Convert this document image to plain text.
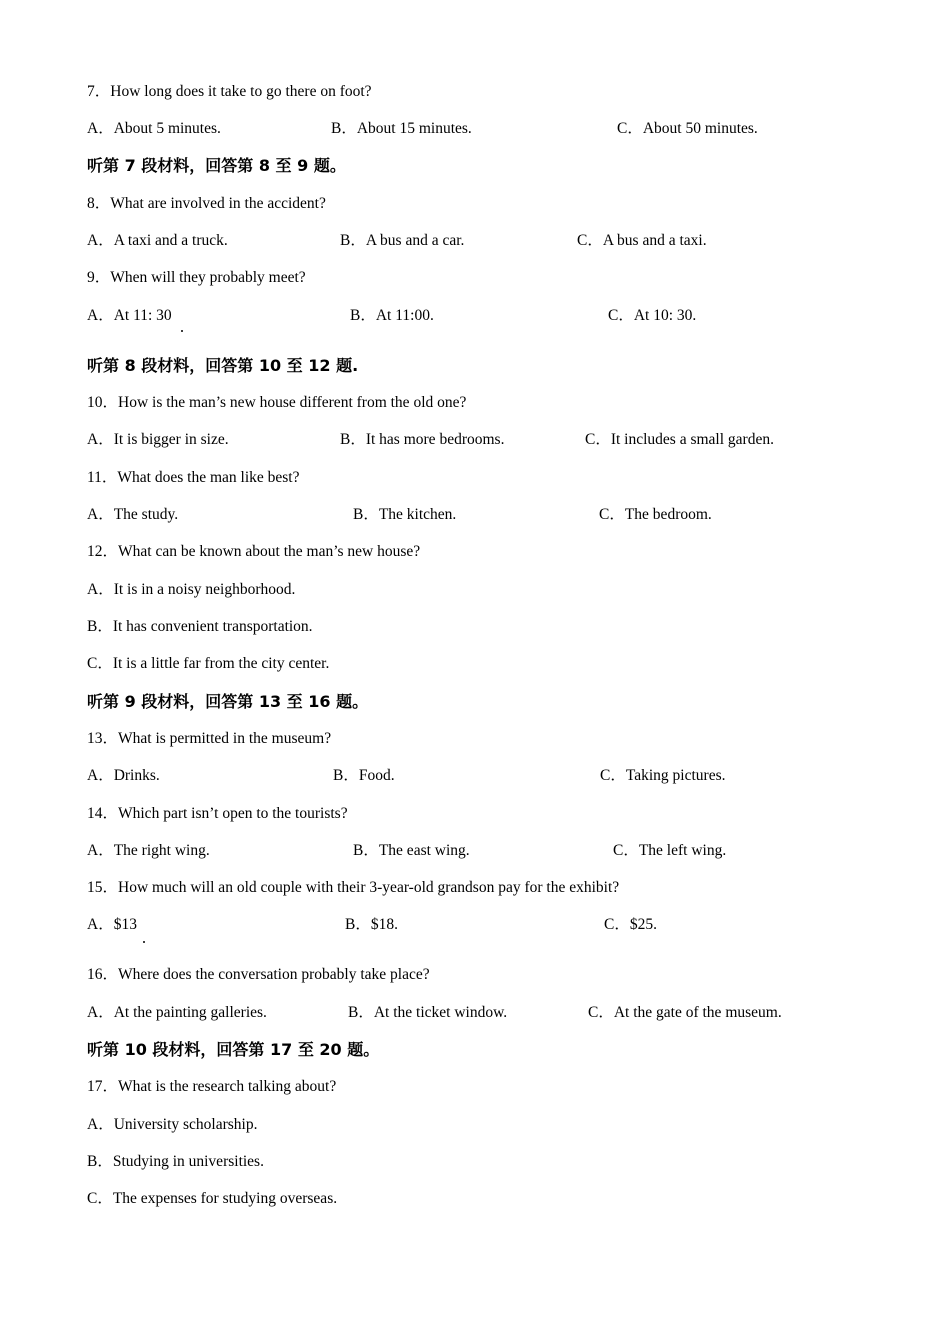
7．How long does it take to go there on foot?
A．About 5 minutes.	B．About 15 minutes.	C．About 50 minutes.
听第 7 段材料，回答第 8 至 9 题。
8．What are involved in the accident?
A．A taxi and a truck.	B．A bus and a car.	C．A bus and a taxi.
9．When will they probably meet?
A．At 11: 30	B．At 11:00.	C．At 10: 30.
听第 8 段材料，回答第 10 至 12 题.
10．How is the man’s new house different from the old one?
A．It is bigger in size.	B．It has more bedrooms.	C．It includes a small garden.
11．What does the man like best?
A．The study.	B．The kitchen.	C．The bedroom.
12．What can be known about the man’s new house?
A．It is in a noisy neighborhood.
B．It has convenient transportation.
C．It is a little far from the city center.
听第 9 段材料，回答第 13 至 16 题。
13．What is permitted in the museum?
A．Drinks.	B．Food.	C．Taking pictures.
14．Which part isn’t open to the tourists?
A．The right wing.	B．The east wing.	C．The left wing.
15．How much will an old couple with their 3-year-old grandson pay for the exhibit?
A．$13	B．$18.	C．$25.
16．Where does the conversation probably take place?
A．At the painting galleries.	B．At the ticket window.	C．At the gate of the museum.
听第 10 段材料，回答第 17 至 20 题。
17．What is the research talking about?
A．University scholarship.
B．Studying in universities.
C．The expenses for studying overseas.
